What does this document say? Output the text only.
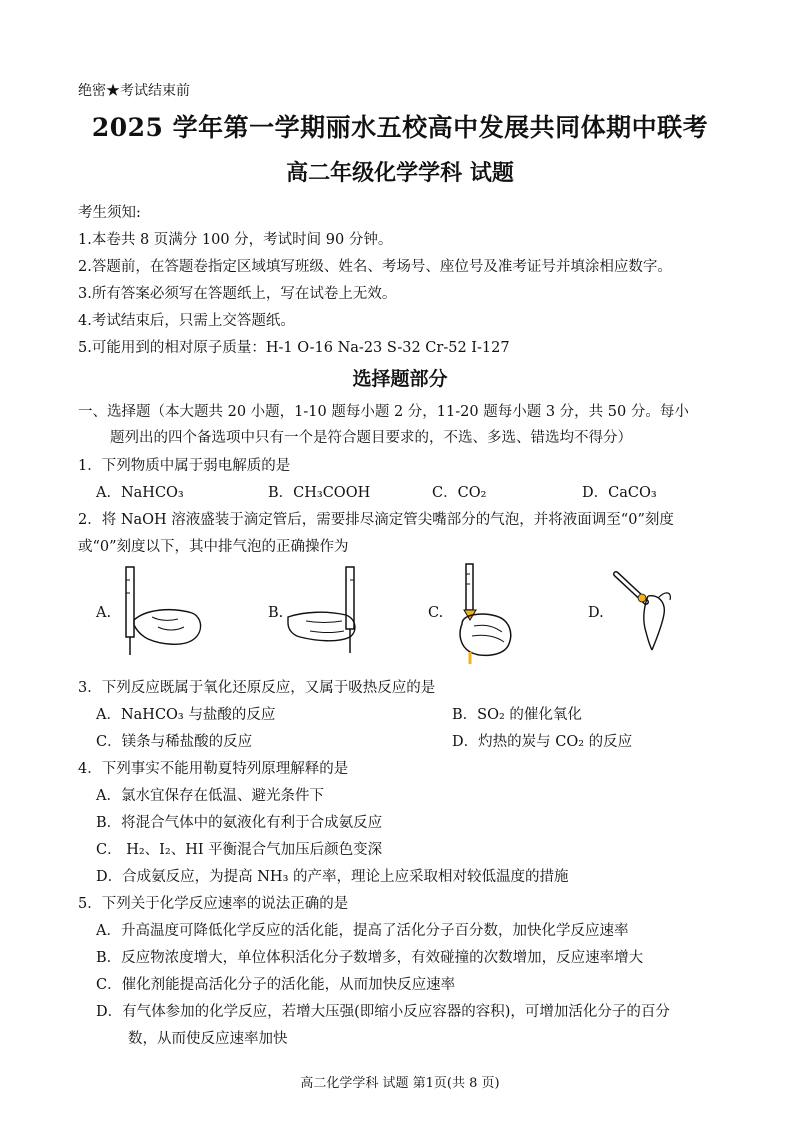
绝密★考试结束前
2025 学年第一学期丽水五校高中发展共同体期中联考
高二年级化学学科 试题
考生须知:
1.本卷共 8 页满分 100 分，考试时间 90 分钟。
2.答题前，在答题卷指定区域填写班级、姓名、考场号、座位号及准考证号并填涂相应数字。
3.所有答案必须写在答题纸上，写在试卷上无效。
4.考试结束后，只需上交答题纸。
5.可能用到的相对原子质量：H-1 O-16 Na-23 S-32 Cr-52 I-127
选择题部分
一、选择题（本大题共 20 小题，1-10 题每小题 2 分，11-20 题每小题 3 分，共 50 分。每小
题列出的四个备选项中只有一个是符合题目要求的，不选、多选、错选均不得分）
1．下列物质中属于弱电解质的是
A．NaHCO₃	B．CH₃COOH	C．CO₂	D．CaCO₃
2．将 NaOH 溶液盛装于滴定管后，需要排尽滴定管尖嘴部分的气泡，并将液面调至“0”刻度
或“0”刻度以下，其中排气泡的正确操作为
A.	B.	C.	D.
3．下列反应既属于氧化还原反应，又属于吸热反应的是
A．NaHCO₃ 与盐酸的反应	B．SO₂ 的催化氧化
C．镁条与稀盐酸的反应	D．灼热的炭与 CO₂ 的反应
4．下列事实不能用勒夏特列原理解释的是
A．氯水宜保存在低温、避光条件下
B．将混合气体中的氨液化有利于合成氨反应
C． H₂、I₂、HI 平衡混合气加压后颜色变深
D．合成氨反应，为提高 NH₃ 的产率，理论上应采取相对较低温度的措施
5．下列关于化学反应速率的说法正确的是
A．升高温度可降低化学反应的活化能，提高了活化分子百分数，加快化学反应速率
B．反应物浓度增大，单位体积活化分子数增多，有效碰撞的次数增加，反应速率增大
C．催化剂能提高活化分子的活化能，从而加快反应速率
D．有气体参加的化学反应，若增大压强(即缩小反应容器的容积)，可增加活化分子的百分
数，从而使反应速率加快
高二化学学科 试题 第1页(共 8 页)
